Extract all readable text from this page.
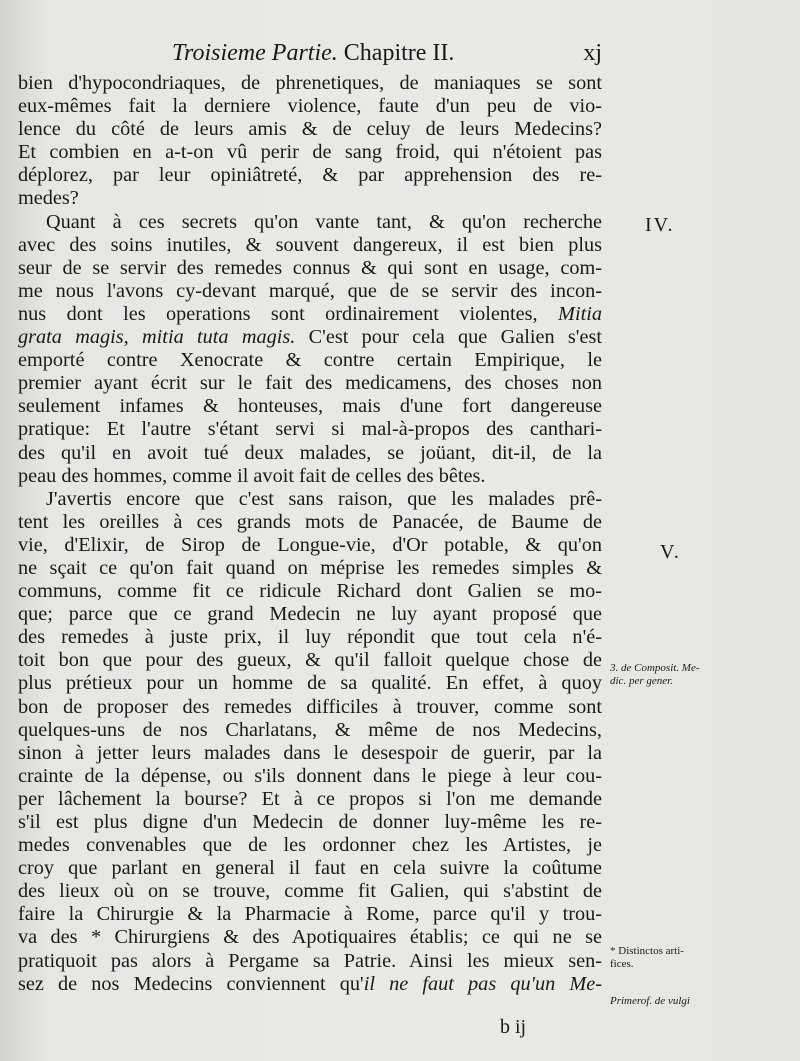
Troisieme Partie. Chapitre II.	xj

bien d'hypocondriaques, de phrenetiques, de maniaques se sont
eux-mêmes fait la derniere violence, faute d'un peu de vio-
lence du côté de leurs amis & de celuy de leurs Medecins?
Et combien en a-t-on vû perir de sang froid, qui n'étoient pas
déplorez, par leur opiniâtreté, & par apprehension des re-
medes?

Quant à ces secrets qu'on vante tant, & qu'on recherche
avec des soins inutiles, & souvent dangereux, il est bien plus
seur de se servir des remedes connus & qui sont en usage, com-
me nous l'avons cy-devant marqué, que de se servir des incon-
nus dont les operations sont ordinairement violentes, Mitia
grata magis, mitia tuta magis. C'est pour cela que Galien s'est
emporté contre Xenocrate & contre certain Empirique, le
premier ayant écrit sur le fait des medicamens, des choses non
seulement infames & honteuses, mais d'une fort dangereuse
pratique: Et l'autre s'étant servi si mal-à-propos des canthari-
des qu'il en avoit tué deux malades, se joüant, dit-il, de la
peau des hommes, comme il avoit fait de celles des bêtes.

J'avertis encore que c'est sans raison, que les malades prê-
tent les oreilles à ces grands mots de Panacée, de Baume de
vie, d'Elixir, de Sirop de Longue-vie, d'Or potable, & qu'on
ne sçait ce qu'on fait quand on méprise les remedes simples &
communs, comme fit ce ridicule Richard dont Galien se mo-
que; parce que ce grand Medecin ne luy ayant proposé que
des remedes à juste prix, il luy répondit que tout cela n'é-
toit bon que pour des gueux, & qu'il falloit quelque chose de
plus prétieux pour un homme de sa qualité. En effet, à quoy
bon de proposer des remedes difficiles à trouver, comme sont
quelques-uns de nos Charlatans, & même de nos Medecins,
sinon à jetter leurs malades dans le desespoir de guerir, par la
crainte de la dépense, ou s'ils donnent dans le piege à leur cou-
per lâchement la bourse? Et à ce propos si l'on me demande
s'il est plus digne d'un Medecin de donner luy-même les re-
medes convenables que de les ordonner chez les Artistes, je
croy que parlant en general il faut en cela suivre la coûtume
des lieux où on se trouve, comme fit Galien, qui s'abstint de
faire la Chirurgie & la Pharmacie à Rome, parce qu'il y trou-
va des * Chirurgiens & des Apotiquaires établis; ce qui ne se
pratiquoit pas alors à Pergame sa Patrie. Ainsi les mieux sen-
sez de nos Medecins conviennent qu'il ne faut pas qu'un Me-

IV.
V.
3. de Composit. Me-
dic. per gener.
* Distinctos arti-
fices.
Primerof. de vulgi
b ij
